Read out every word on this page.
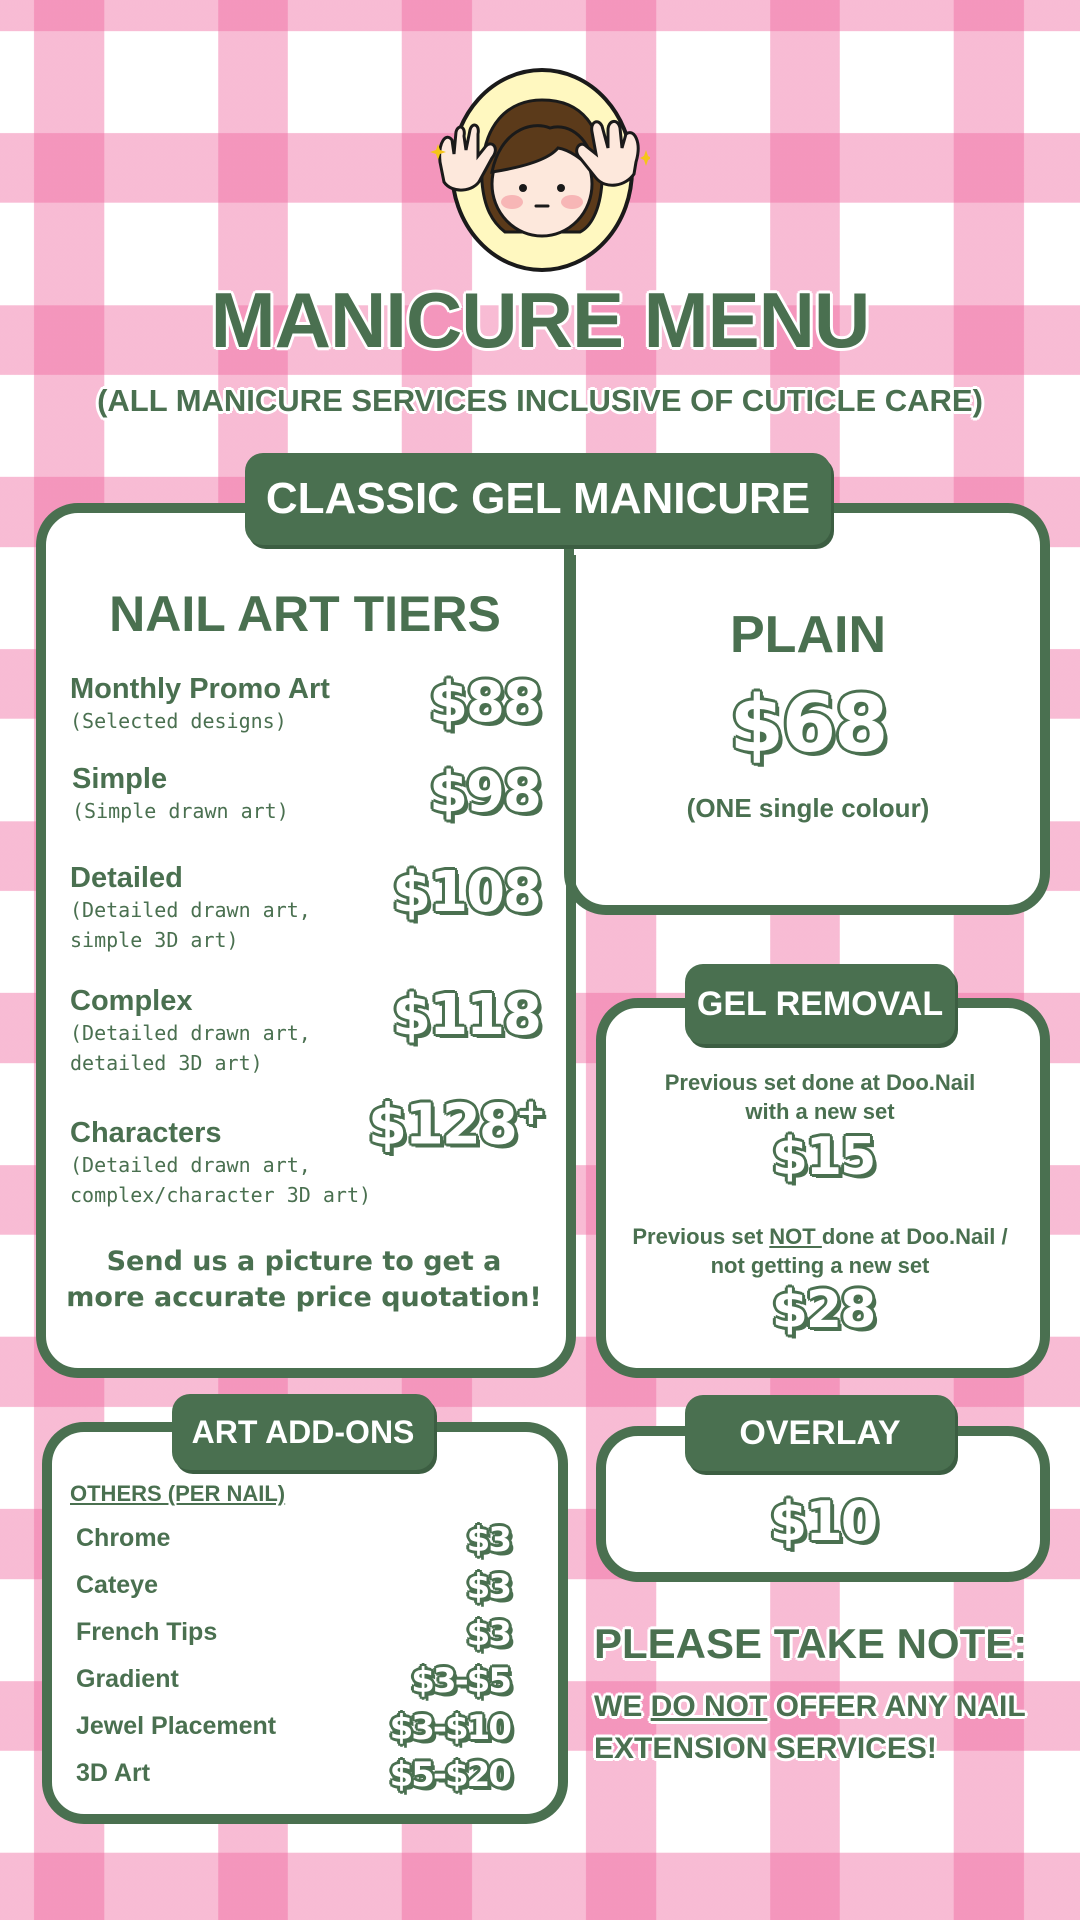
MANICURE MENU
(ALL MANICURE SERVICES INCLUSIVE OF CUTICLE CARE)
CLASSIC GEL MANICURE
NAIL ART TIERS
Monthly Promo Art
(Selected designs)	$88
Simple
(Simple drawn art)	$98
Detailed
(Detailed drawn art,
simple 3D art)
$108
Complex
(Detailed drawn art,
detailed 3D art)
$118
Characters
(Detailed drawn art,
complex/character 3D art)
$128+
Send us a picture to get a more accurate price quotation!
PLAIN
$68
(ONE single colour)
GEL REMOVAL
Previous set done at Doo.Nail with a new set
$15
Previous set NOT done at Doo.Nail / not getting a new set
$28
ART ADD-ONS
OTHERS (PER NAIL)
Chrome	$3
Cateye	$3
French Tips	$3
Gradient	$3-$5
Jewel Placement	$3-$10
3D Art	$5-$20
OVERLAY
$10
PLEASE TAKE NOTE:
WE DO NOT OFFER ANY NAIL EXTENSION SERVICES!
